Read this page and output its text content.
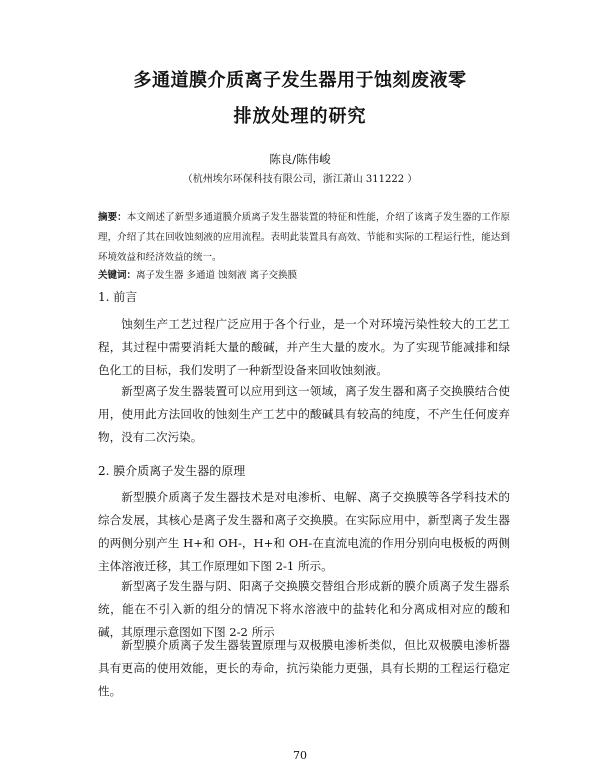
多通道膜介质离子发生器用于蚀刻废液零
排放处理的研究
陈良/陈伟峻
（杭州埃尔环保科技有限公司，浙江萧山 311222 ）
摘要：本文阐述了新型多通道膜介质离子发生器装置的特征和性能，介绍了该离子发生器的工作原理，介绍了其在回收蚀刻液的应用流程。表明此装置具有高效、节能和实际的工程运行性，能达到环境效益和经济效益的统一。
关键词：离子发生器 多通道 蚀刻液 离子交换膜
1. 前言

蚀刻生产工艺过程广泛应用于各个行业，是一个对环境污染性较大的工艺工程，其过程中需要消耗大量的酸碱，并产生大量的废水。为了实现节能减排和绿色化工的目标，我们发明了一种新型设备来回收蚀刻液。

新型离子发生器装置可以应用到这一领域，离子发生器和离子交换膜结合使用，使用此方法回收的蚀刻生产工艺中的酸碱具有较高的纯度，不产生任何废弃物，没有二次污染。

2. 膜介质离子发生器的原理

新型膜介质离子发生器技术是对电渗析、电解、离子交换膜等各学科技术的综合发展，其核心是离子发生器和离子交换膜。在实际应用中，新型离子发生器的两侧分别产生 H+和 OH-，H+和 OH-在直流电流的作用分别向电极板的两侧主体溶液迁移，其工作原理如下图 2-1 所示。

新型离子发生器与阴、阳离子交换膜交替组合形成新的膜介质离子发生器系统，能在不引入新的组分的情况下将水溶液中的盐转化和分离成相对应的酸和碱，其原理示意图如下图 2-2 所示

新型膜介质离子发生器装置原理与双极膜电渗析类似，但比双极膜电渗析器具有更高的使用效能，更长的寿命，抗污染能力更强，具有长期的工程运行稳定性。

70
